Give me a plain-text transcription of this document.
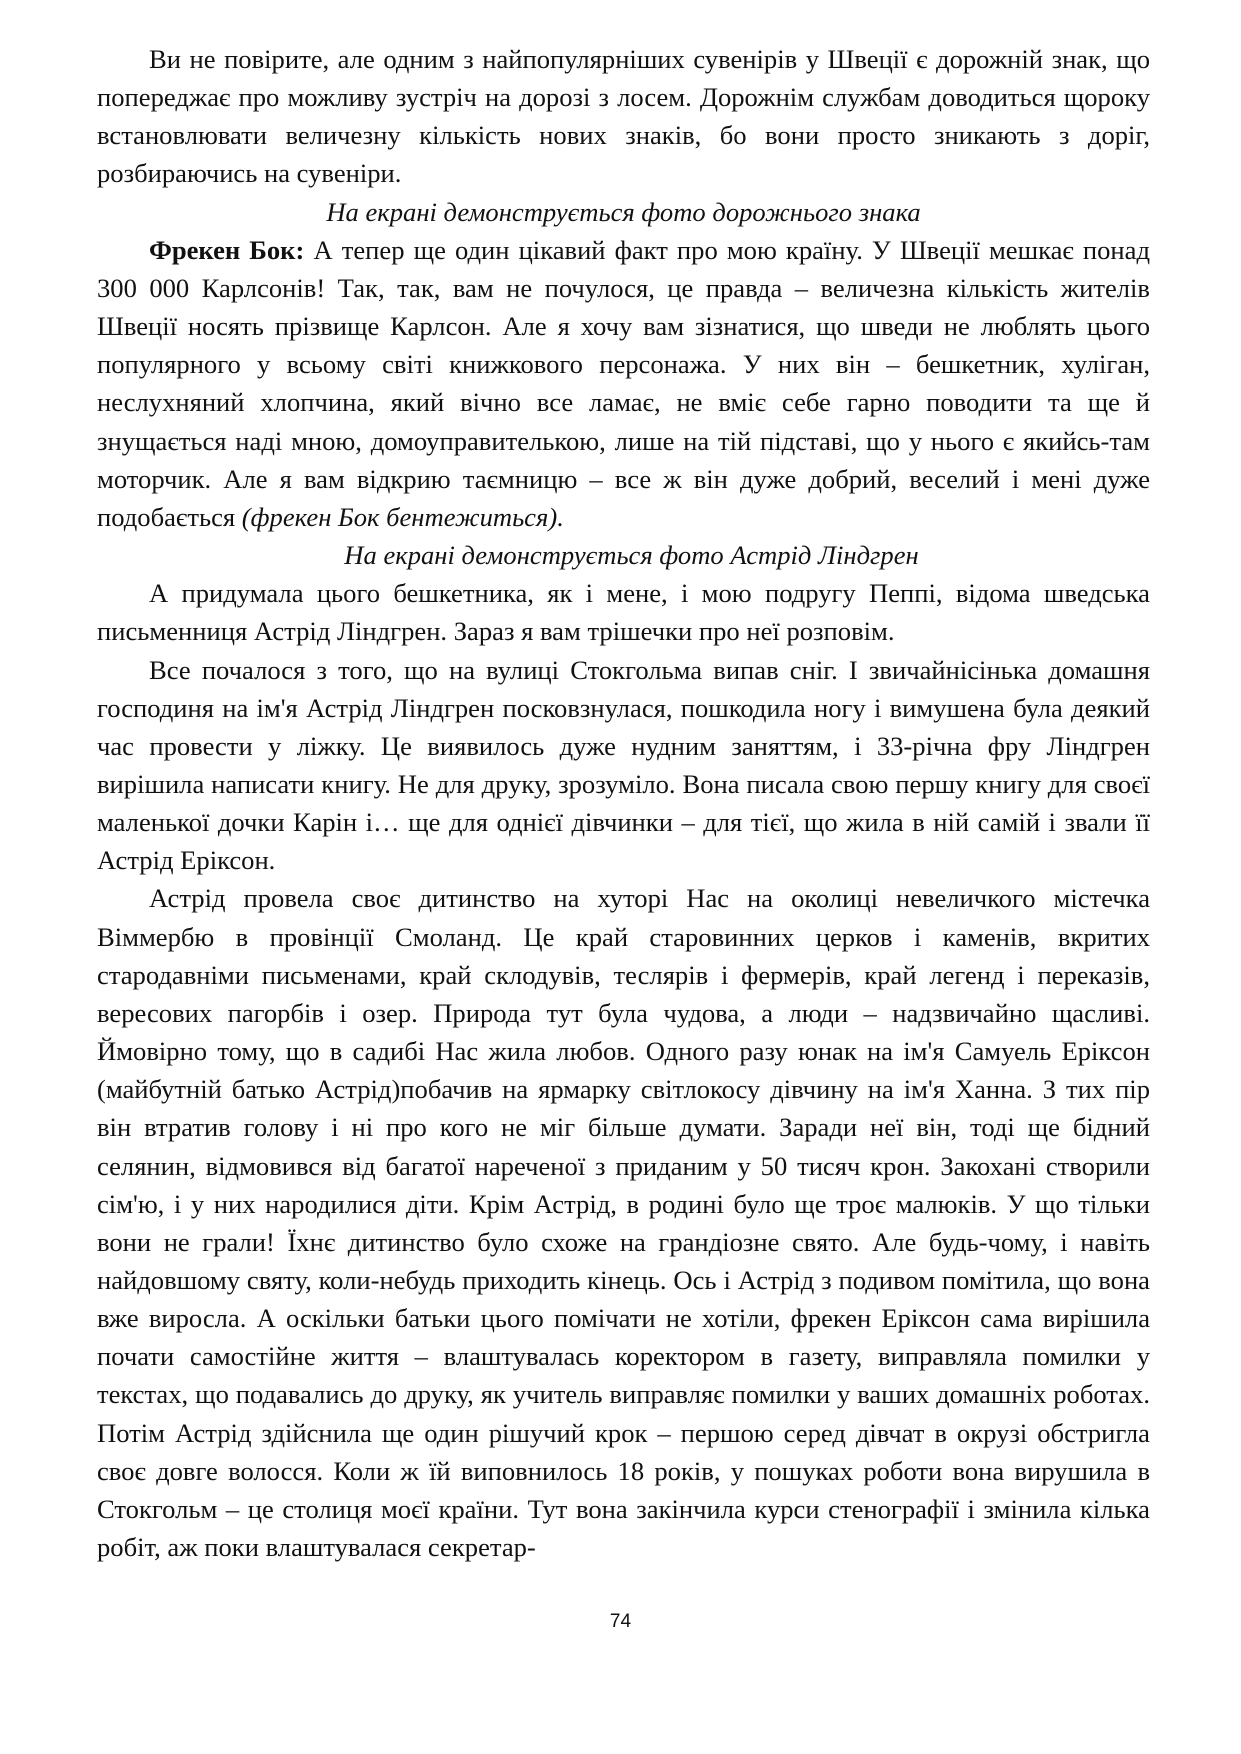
Ви не повірите, але одним з найпопулярніших сувенірів у Швеції є дорожній знак, що попереджає про можливу зустріч на дорозі з лосем. Дорожнім службам доводиться щороку встановлювати величезну кількість нових знаків, бо вони просто зникають з доріг, розбираючись на сувеніри.

На екрані демонструється фото дорожнього знака

Фрекен Бок: А тепер ще один цікавий факт про мою країну. У Швеції мешкає понад 300 000 Карлсонів! Так, так, вам не почулося, це правда – величезна кількість жителів Швеції носять прізвище Карлсон. Але я хочу вам зізнатися, що шведи не люблять цього популярного у всьому світі книжкового персонажа. У них він – бешкетник, хуліган, неслухняний хлопчина, який вічно все ламає, не вміє себе гарно поводити та ще й знущається наді мною, домоуправителькою, лише на тій підставі, що у нього є якийсь-там моторчик. Але я вам відкрию таємницю – все ж він дуже добрий, веселий і мені дуже подобається (фрекен Бок бентежиться).

На екрані демонструється фото Астрід Ліндгрен

А придумала цього бешкетника, як і мене, і мою подругу Пеппі, відома шведська письменниця Астрід Ліндгрен. Зараз я вам трішечки про неї розповім.

Все почалося з того, що на вулиці Стокгольма випав сніг. І звичайнісінька домашня господиня на ім'я Астрід Ліндгрен посковзнулася, пошкодила ногу і вимушена була деякий час провести у ліжку. Це виявилось дуже нудним заняттям, і 33-річна фру Ліндгрен вирішила написати книгу. Не для друку, зрозуміло. Вона писала свою першу книгу для своєї маленької дочки Карін і… ще для однієї дівчинки – для тієї, що жила в ній самій і звали її Астрід Еріксон.

Астрід провела своє дитинство на хуторі Нас на околиці невеличкого містечка Віммербю в провінції Смоланд. Це край старовинних церков і каменів, вкритих стародавніми письменами, край склодувів, теслярів і фермерів, край легенд і переказів, вересових пагорбів і озер. Природа тут була чудова, а люди – надзвичайно щасливі. Ймовірно тому, що в садибі Нас жила любов. Одного разу юнак на ім'я Самуель Еріксон (майбутній батько Астрід)побачив на ярмарку світлокосу дівчину на ім'я Ханна. З тих пір він втратив голову і ні про кого не міг більше думати. Заради неї він, тоді ще бідний селянин, відмовився від багатої нареченої з приданим у 50 тисяч крон. Закохані створили сім'ю, і у них народилися діти. Крім Астрід, в родині було ще троє малюків. У що тільки вони не грали! Їхнє дитинство було схоже на грандіозне свято. Але будь-чому, і навіть найдовшому святу, коли-небудь приходить кінець. Ось і Астрід з подивом помітила, що вона вже виросла. А оскільки батьки цього помічати не хотіли, фрекен Еріксон сама вирішила почати самостійне життя – влаштувалась коректором в газету, виправляла помилки у текстах, що подавались до друку, як учитель виправляє помилки у ваших домашніх роботах. Потім Астрід здійснила ще один рішучий крок – першою серед дівчат в окрузі обстригла своє довге волосся. Коли ж їй виповнилось 18 років, у пошуках роботи вона вирушила в Стокгольм – це столиця моєї країни. Тут вона закінчила курси стенографії і змінила кілька робіт, аж поки влаштувалася секретар-

74
